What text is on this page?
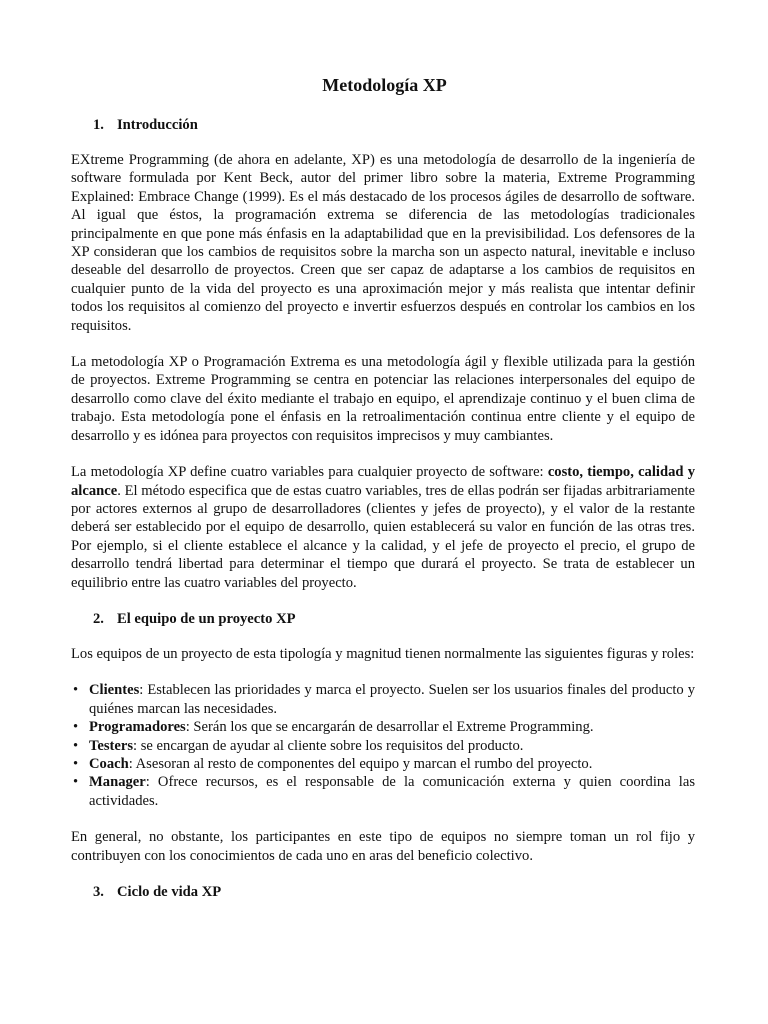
Metodología XP
1. Introducción

EXtreme Programming (de ahora en adelante, XP) es una metodología de desarrollo de la ingeniería de software formulada por Kent Beck, autor del primer libro sobre la materia, Extreme Programming Explained: Embrace Change (1999). Es el más destacado de los procesos ágiles de desarrollo de software. Al igual que éstos, la programación extrema se diferencia de las metodologías tradicionales principalmente en que pone más énfasis en la adaptabilidad que en la previsibilidad. Los defensores de la XP consideran que los cambios de requisitos sobre la marcha son un aspecto natural, inevitable e incluso deseable del desarrollo de proyectos. Creen que ser capaz de adaptarse a los cambios de requisitos en cualquier punto de la vida del proyecto es una aproximación mejor y más realista que intentar definir todos los requisitos al comienzo del proyecto e invertir esfuerzos después en controlar los cambios en los requisitos.

La metodología XP o Programación Extrema es una metodología ágil y flexible utilizada para la gestión de proyectos. Extreme Programming se centra en potenciar las relaciones interpersonales del equipo de desarrollo como clave del éxito mediante el trabajo en equipo, el aprendizaje continuo y el buen clima de trabajo. Esta metodología pone el énfasis en la retroalimentación continua entre cliente y el equipo de desarrollo y es idónea para proyectos con requisitos imprecisos y muy cambiantes.

La metodología XP define cuatro variables para cualquier proyecto de software: costo, tiempo, calidad y alcance. El método especifica que de estas cuatro variables, tres de ellas podrán ser fijadas arbitrariamente por actores externos al grupo de desarrolladores (clientes y jefes de proyecto), y el valor de la restante deberá ser establecido por el equipo de desarrollo, quien establecerá su valor en función de las otras tres. Por ejemplo, si el cliente establece el alcance y la calidad, y el jefe de proyecto el precio, el grupo de desarrollo tendrá libertad para determinar el tiempo que durará el proyecto. Se trata de establecer un equilibrio entre las cuatro variables del proyecto.

2. El equipo de un proyecto XP

Los equipos de un proyecto de esta tipología y magnitud tienen normalmente las siguientes figuras y roles:

• Clientes: Establecen las prioridades y marca el proyecto. Suelen ser los usuarios finales del producto y quiénes marcan las necesidades.
• Programadores: Serán los que se encargarán de desarrollar el Extreme Programming.
• Testers: se encargan de ayudar al cliente sobre los requisitos del producto.
• Coach: Asesoran al resto de componentes del equipo y marcan el rumbo del proyecto.
• Manager: Ofrece recursos, es el responsable de la comunicación externa y quien coordina las actividades.

En general, no obstante, los participantes en este tipo de equipos no siempre toman un rol fijo y contribuyen con los conocimientos de cada uno en aras del beneficio colectivo.

3. Ciclo de vida XP
